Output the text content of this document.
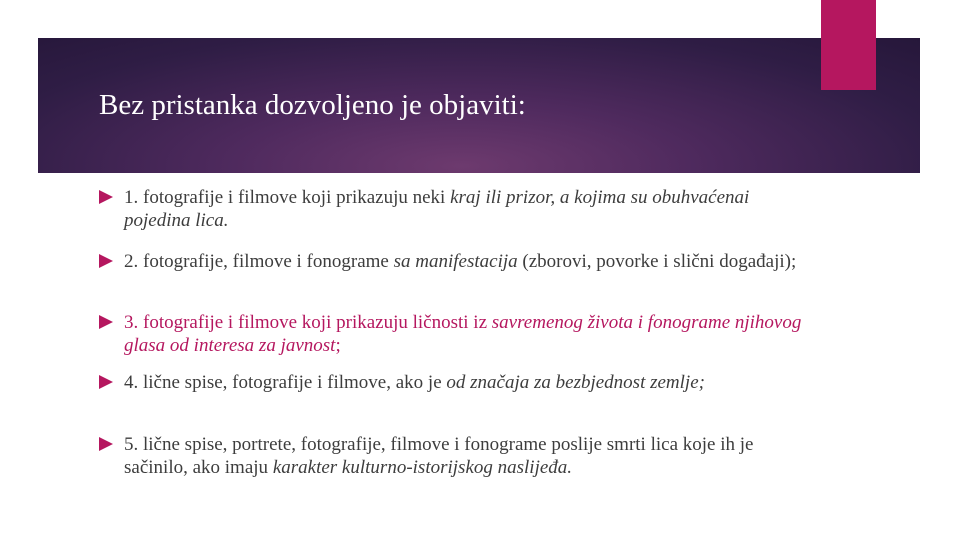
Bez pristanka dozvoljeno je objaviti:
1. fotografije i filmove koji prikazuju neki kraj ili prizor, a kojima su obuhvaćenai pojedina lica.
2. fotografije, filmove i fonograme sa manifestacija (zborovi, povorke i slični događaji);
3. fotografije i filmove koji prikazuju ličnosti iz savremenog života i fonograme njihovog glasa od interesa za javnost;
4. lične spise, fotografije i filmove, ako je od značaja za bezbjednost zemlje;
5. lične spise, portrete, fotografije, filmove i fonograme poslije smrti lica koje ih je sačinilo, ako imaju karakter kulturno-istorijskog naslijeđa.
